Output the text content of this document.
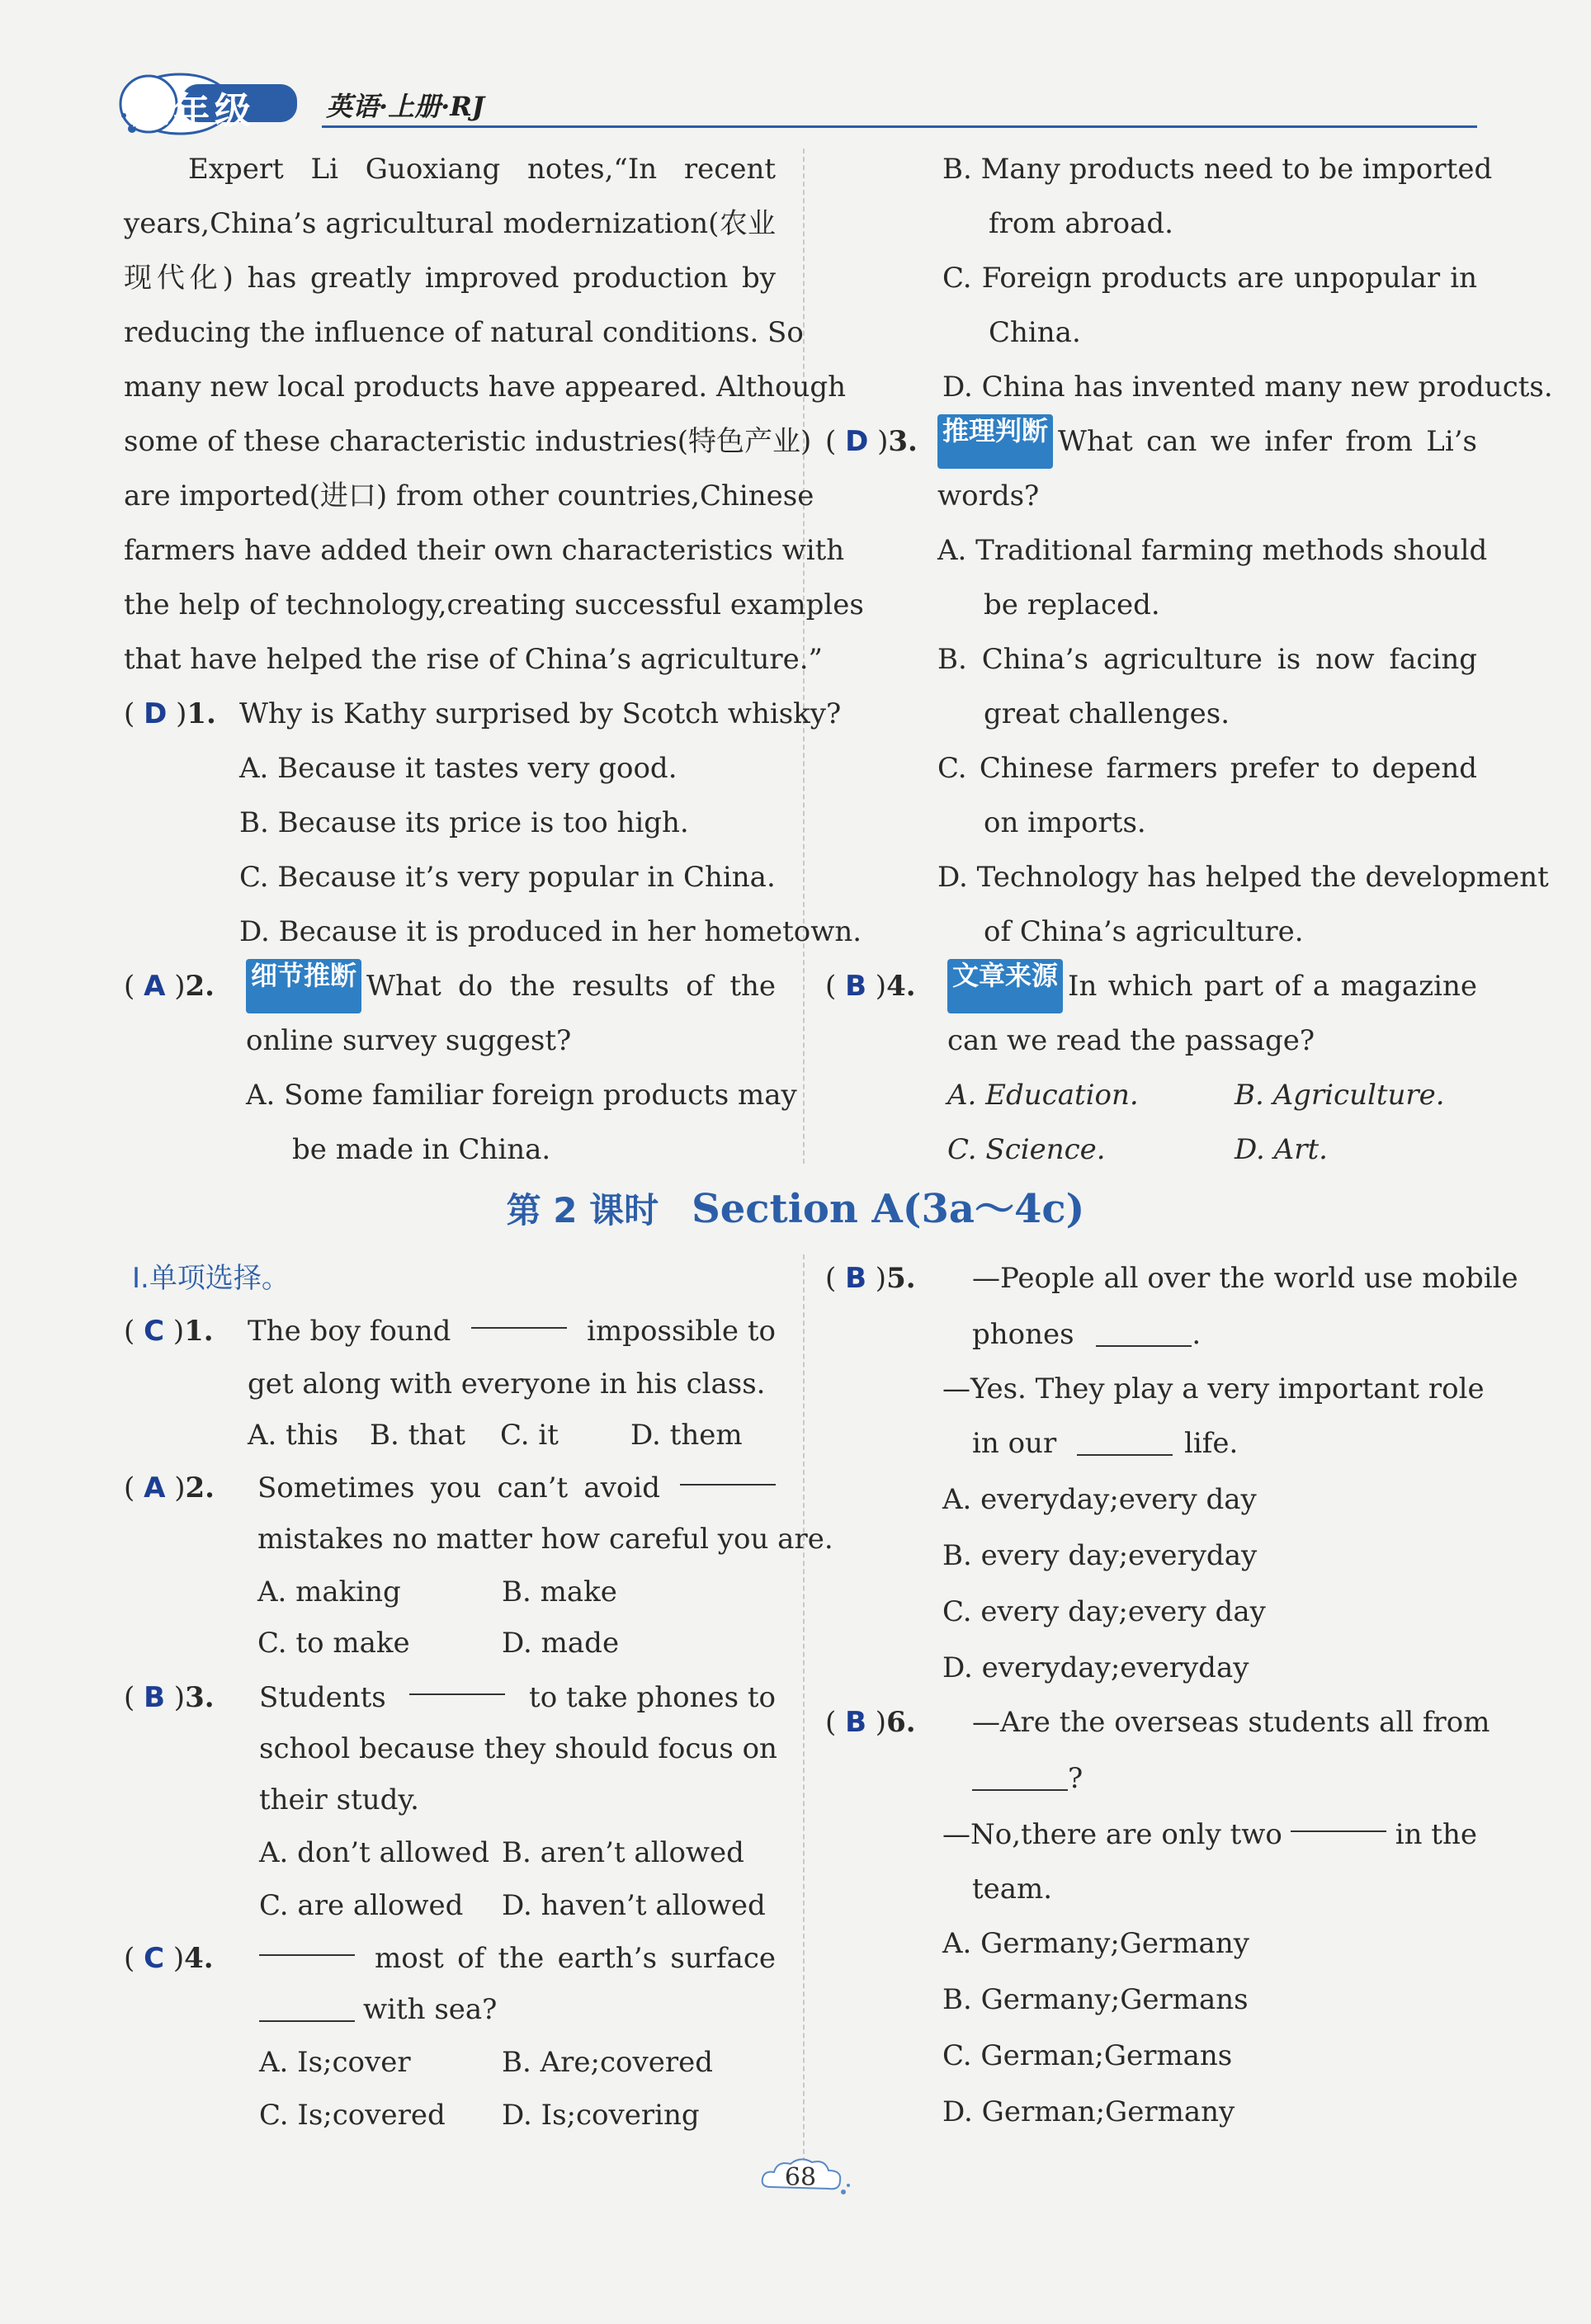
九年级	英语·上册·RJ
Expert Li Guoxiang notes,“In recent
years,China’s agricultural modernization(农业
现代化) has greatly improved production by
reducing the influence of natural conditions. So
many new local products have appeared. Although
some of these characteristic industries(特色产业)
are imported(进口) from other countries,Chinese
farmers have added their own characteristics with
the help of technology,creating successful examples
that have helped the rise of China’s agriculture.”
( D )1. Why is Kathy surprised by Scotch whisky?
A. Because it tastes very good.
B. Because its price is too high.
C. Because it’s very popular in China.
D. Because it is produced in her hometown.
( A )2. 细节推断 What do the results of the
online survey suggest?
A. Some familiar foreign products may
be made in China.
B. Many products need to be imported
from abroad.
C. Foreign products are unpopular in
China.
D. China has invented many new products.
( D )3. 推理判断 What can we infer from Li’s
words?
A. Traditional farming methods should
be replaced.
B. China’s agriculture is now facing
great challenges.
C. Chinese farmers prefer to depend
on imports.
D. Technology has helped the development
of China’s agriculture.
( B )4. 文章来源 In which part of a magazine
can we read the passage?
A. Education.	B. Agriculture.
C. Science.	D. Art.
第 2 课时 Section A(3a～4c)
Ⅰ.单项选择。
( C )1. The boy found	impossible to
get along with everyone in his class.
A. this B. that C. it	D. them
( A )2. Sometimes you can’t avoid
mistakes no matter how careful you are.
A. making	B. make
C. to make	D. made
( B )3. Students	to take phones to
school because they should focus on
their study.
A. don’t allowed B. aren’t allowed
C. are allowed D. haven’t allowed
( C )4.	most of the earth’s surface
with sea?
A. Is;cover	B. Are;covered
C. Is;covered D. Is;covering
( B )5. —People all over the world use mobile
phones	.
—Yes. They play a very important role
in our	life.
A. everyday;every day
B. every day;everyday
C. every day;every day
D. everyday;everyday
( B )6. —Are the overseas students all from
?
—No,there are only two	in the
team.
A. Germany;Germany
B. Germany;Germans
C. German;Germans
D. German;Germany
68
